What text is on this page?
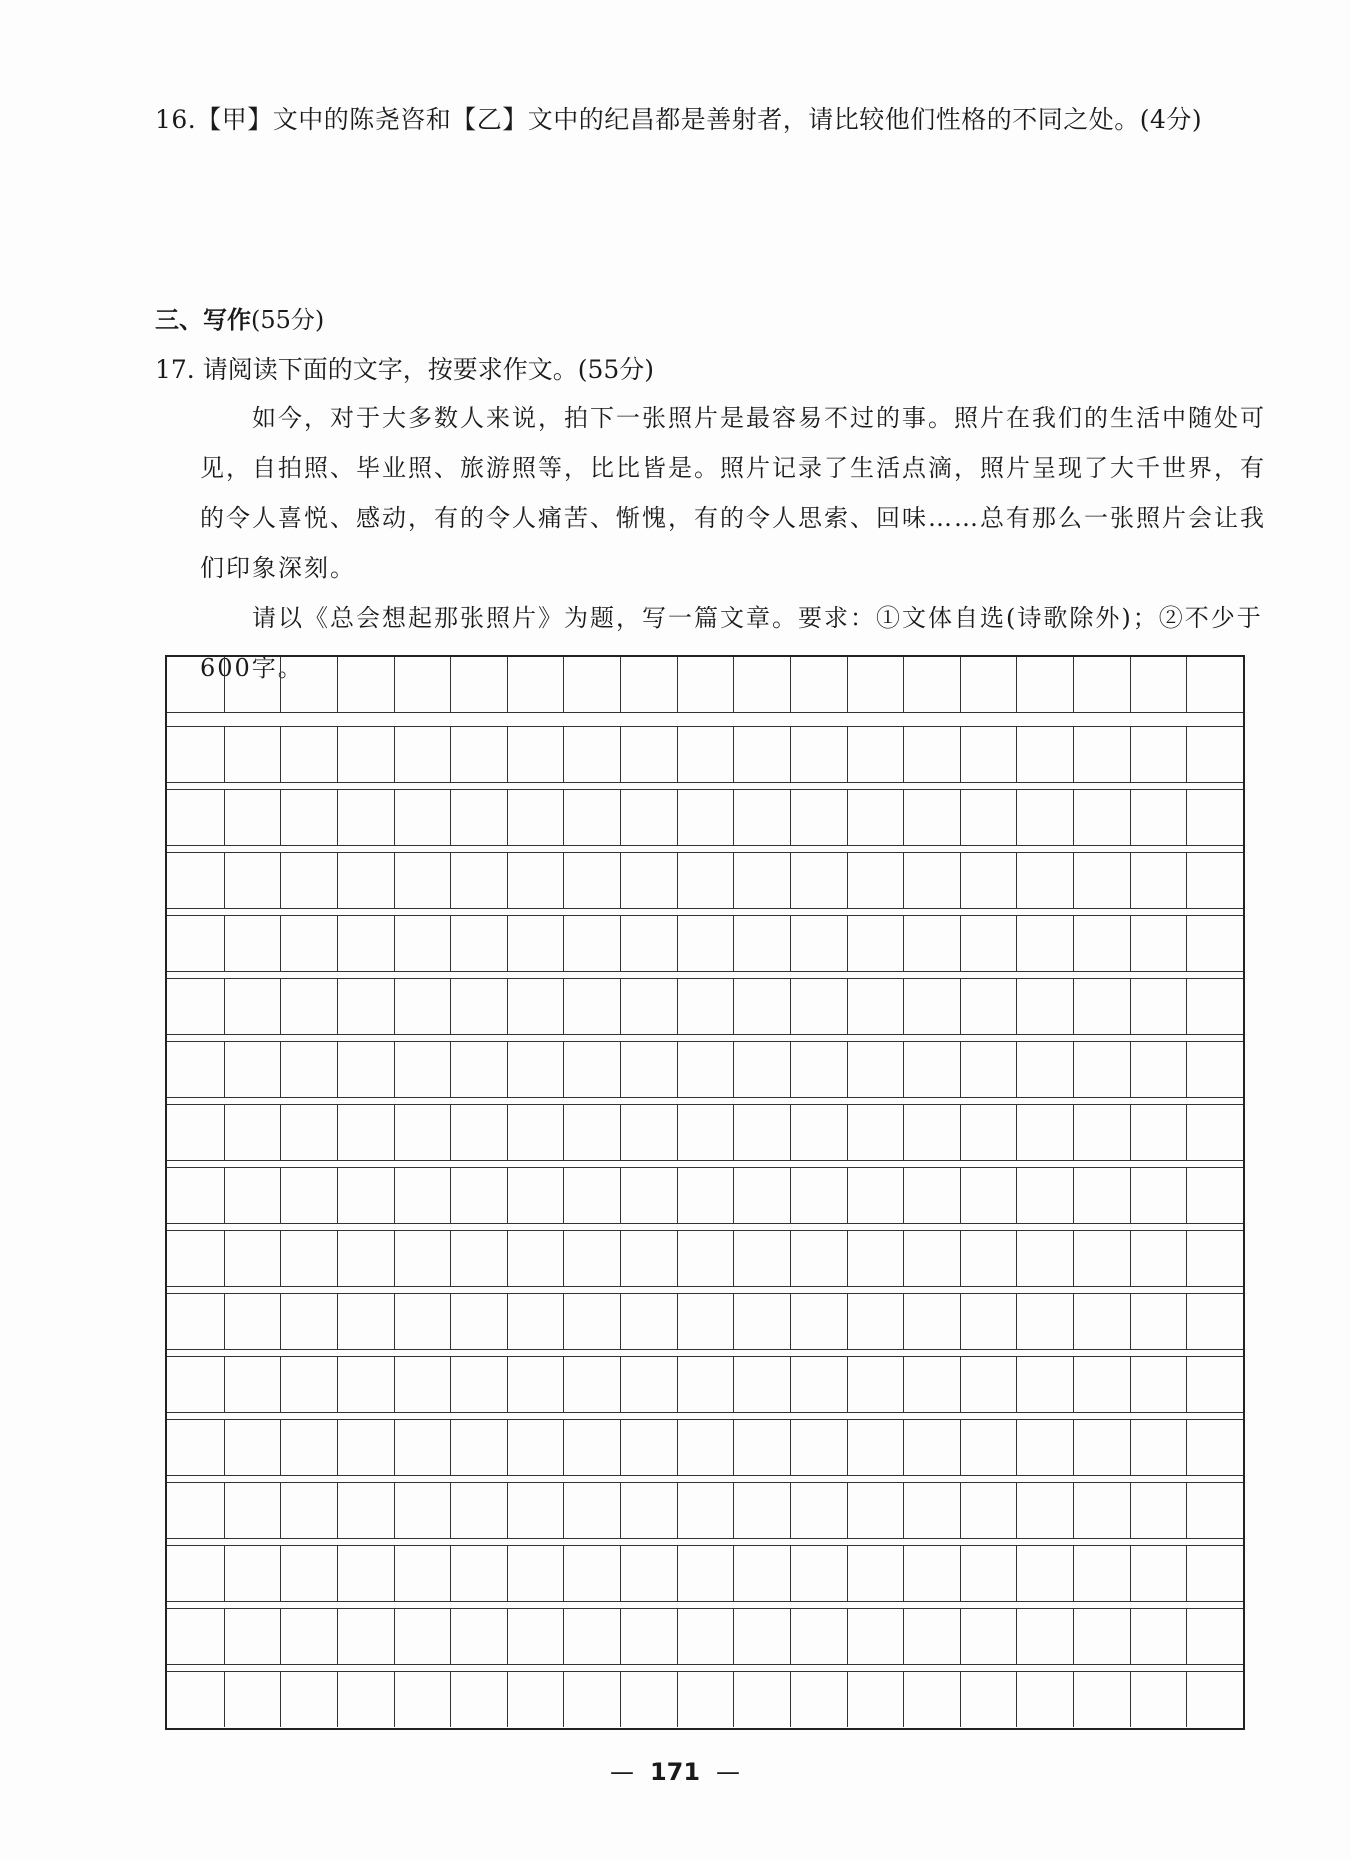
16.【甲】文中的陈尧咨和【乙】文中的纪昌都是善射者，请比较他们性格的不同之处。(4分)
三、写作(55分)
17. 请阅读下面的文字，按要求作文。(55分)
如今，对于大多数人来说，拍下一张照片是最容易不过的事。照片在我们的生活中随处可见，自拍照、毕业照、旅游照等，比比皆是。照片记录了生活点滴，照片呈现了大千世界，有的令人喜悦、感动，有的令人痛苦、惭愧，有的令人思索、回味……总有那么一张照片会让我们印象深刻。
请以《总会想起那张照片》为题，写一篇文章。要求：①文体自选(诗歌除外)；②不少于600字。
— 171 —
